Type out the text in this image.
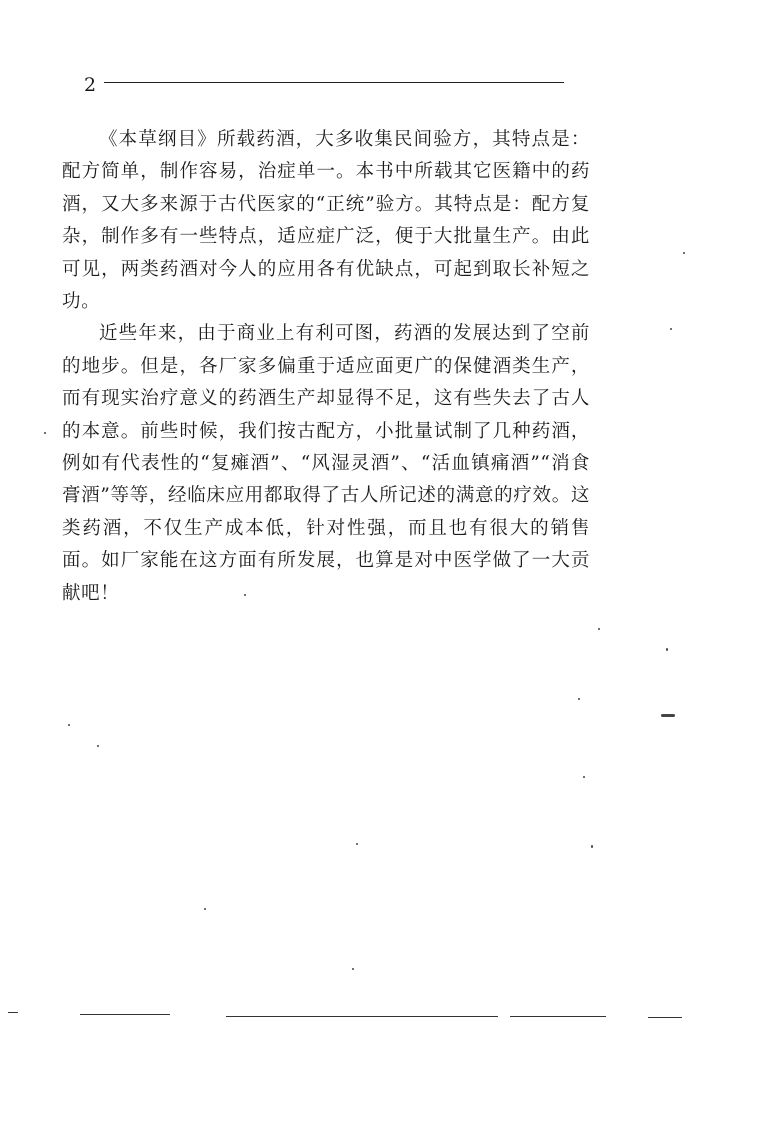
2

《本草纲目》所载药酒，大多收集民间验方，其特点是：配方简单，制作容易，治症单一。本书中所载其它医籍中的药酒，又大多来源于古代医家的“正统”验方。其特点是：配方复杂，制作多有一些特点，适应症广泛，便于大批量生产。由此可见，两类药酒对今人的应用各有优缺点，可起到取长补短之功。

近些年来，由于商业上有利可图，药酒的发展达到了空前的地步。但是，各厂家多偏重于适应面更广的保健酒类生产，而有现实治疗意义的药酒生产却显得不足，这有些失去了古人的本意。前些时候，我们按古配方，小批量试制了几种药酒，例如有代表性的“复瘫酒”、“风湿灵酒”、“活血镇痛酒”“消食膏酒”等等，经临床应用都取得了古人所记述的满意的疗效。这类药酒，不仅生产成本低，针对性强，而且也有很大的销售面。如厂家能在这方面有所发展，也算是对中医学做了一大贡献吧！
